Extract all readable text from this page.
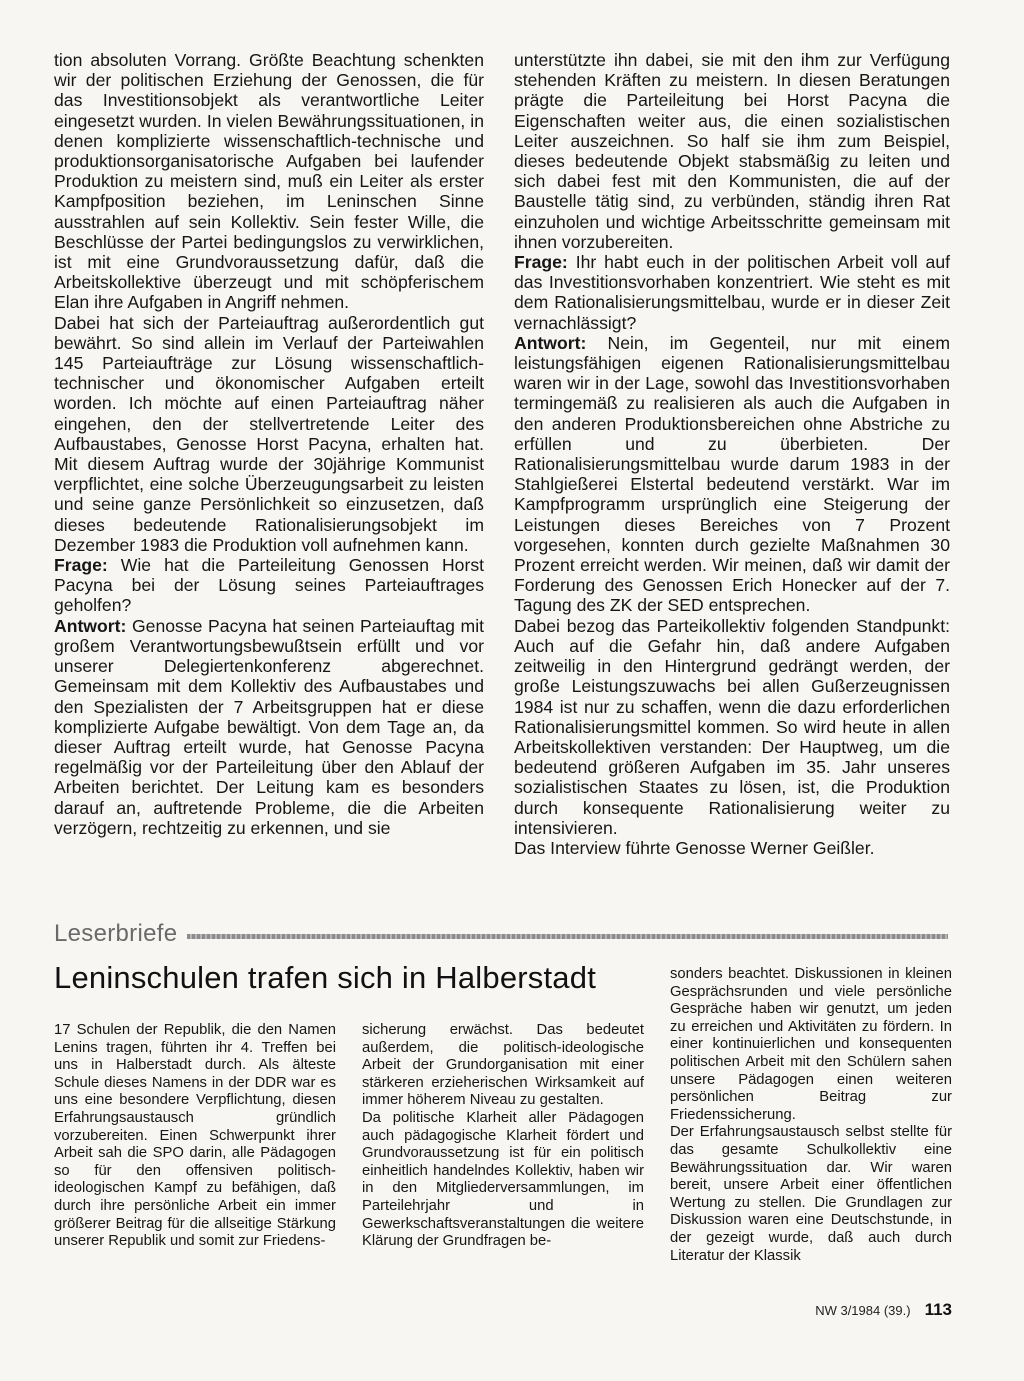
tion absoluten Vorrang. Größte Beachtung schenkten wir der politischen Erziehung der Genossen, die für das Investitionsobjekt als verantwortliche Leiter eingesetzt wurden. In vielen Bewährungssituationen, in denen komplizierte wissenschaftlich-technische und produktionsorganisatorische Aufgaben bei laufender Produktion zu meistern sind, muß ein Leiter als erster Kampfposition beziehen, im Leninschen Sinne ausstrahlen auf sein Kollektiv. Sein fester Wille, die Beschlüsse der Partei bedingungslos zu verwirklichen, ist mit eine Grundvoraussetzung dafür, daß die Arbeitskollektive überzeugt und mit schöpferischem Elan ihre Aufgaben in Angriff nehmen.

Dabei hat sich der Parteiauftrag außerordentlich gut bewährt. So sind allein im Verlauf der Parteiwahlen 145 Parteiaufträge zur Lösung wissenschaftlich-technischer und ökonomischer Aufgaben erteilt worden. Ich möchte auf einen Parteiauftrag näher eingehen, den der stellvertretende Leiter des Aufbaustabes, Genosse Horst Pacyna, erhalten hat. Mit diesem Auftrag wurde der 30jährige Kommunist verpflichtet, eine solche Überzeugungsarbeit zu leisten und seine ganze Persönlichkeit so einzusetzen, daß dieses bedeutende Rationalisierungsobjekt im Dezember 1983 die Produktion voll aufnehmen kann.

Frage: Wie hat die Parteileitung Genossen Horst Pacyna bei der Lösung seines Parteiauftrages geholfen?

Antwort: Genosse Pacyna hat seinen Parteiauftag mit großem Verantwortungsbewußtsein erfüllt und vor unserer Delegiertenkonferenz abgerechnet. Gemeinsam mit dem Kollektiv des Aufbaustabes und den Spezialisten der 7 Arbeitsgruppen hat er diese komplizierte Aufgabe bewältigt. Von dem Tage an, da dieser Auftrag erteilt wurde, hat Genosse Pacyna regelmäßig vor der Parteileitung über den Ablauf der Arbeiten berichtet. Der Leitung kam es besonders darauf an, auftretende Probleme, die die Arbeiten verzögern, rechtzeitig zu erkennen, und sie

unterstützte ihn dabei, sie mit den ihm zur Verfügung stehenden Kräften zu meistern. In diesen Beratungen prägte die Parteileitung bei Horst Pacyna die Eigenschaften weiter aus, die einen sozialistischen Leiter auszeichnen. So half sie ihm zum Beispiel, dieses bedeutende Objekt stabsmäßig zu leiten und sich dabei fest mit den Kommunisten, die auf der Baustelle tätig sind, zu verbünden, ständig ihren Rat einzuholen und wichtige Arbeitsschritte gemeinsam mit ihnen vorzubereiten.

Frage: Ihr habt euch in der politischen Arbeit voll auf das Investitionsvorhaben konzentriert. Wie steht es mit dem Rationalisierungsmittelbau, wurde er in dieser Zeit vernachlässigt?

Antwort: Nein, im Gegenteil, nur mit einem leistungsfähigen eigenen Rationalisierungsmittelbau waren wir in der Lage, sowohl das Investitionsvorhaben termingemäß zu realisieren als auch die Aufgaben in den anderen Produktionsbereichen ohne Abstriche zu erfüllen und zu überbieten. Der Rationalisierungsmittelbau wurde darum 1983 in der Stahlgießerei Elstertal bedeutend verstärkt. War im Kampfprogramm ursprünglich eine Steigerung der Leistungen dieses Bereiches von 7 Prozent vorgesehen, konnten durch gezielte Maßnahmen 30 Prozent erreicht werden. Wir meinen, daß wir damit der Forderung des Genossen Erich Honecker auf der 7. Tagung des ZK der SED entsprechen.

Dabei bezog das Parteikollektiv folgenden Standpunkt: Auch auf die Gefahr hin, daß andere Aufgaben zeitweilig in den Hintergrund gedrängt werden, der große Leistungszuwachs bei allen Gußerzeugnissen 1984 ist nur zu schaffen, wenn die dazu erforderlichen Rationalisierungsmittel kommen. So wird heute in allen Arbeitskollektiven verstanden: Der Hauptweg, um die bedeutend größeren Aufgaben im 35. Jahr unseres sozialistischen Staates zu lösen, ist, die Produktion durch konsequente Rationalisierung weiter zu intensivieren.

Das Interview führte Genosse Werner Geißler.

Leserbriefe
Leninschulen trafen sich in Halberstadt

17 Schulen der Republik, die den Namen Lenins tragen, führten ihr 4. Treffen bei uns in Halberstadt durch. Als älteste Schule dieses Namens in der DDR war es uns eine besondere Verpflichtung, diesen Erfahrungsaustausch gründlich vorzubereiten. Einen Schwerpunkt ihrer Arbeit sah die SPO darin, alle Pädagogen so für den offensiven politisch-ideologischen Kampf zu befähigen, daß durch ihre persönliche Arbeit ein immer größerer Beitrag für die allseitige Stärkung unserer Republik und somit zur Friedens-

sicherung erwächst. Das bedeutet außerdem, die politisch-ideologische Arbeit der Grundorganisation mit einer stärkeren erzieherischen Wirksamkeit auf immer höherem Niveau zu gestalten.

Da politische Klarheit aller Pädagogen auch pädagogische Klarheit fördert und Grundvoraussetzung ist für ein politisch einheitlich handelndes Kollektiv, haben wir in den Mitgliederversammlungen, im Parteilehrjahr und in Gewerkschaftsveranstaltungen die weitere Klärung der Grundfragen be-

sonders beachtet. Diskussionen in kleinen Gesprächsrunden und viele persönliche Gespräche haben wir genutzt, um jeden zu erreichen und Aktivitäten zu fördern. In einer kontinuierlichen und konsequenten politischen Arbeit mit den Schülern sahen unsere Pädagogen einen weiteren persönlichen Beitrag zur Friedenssicherung.

Der Erfahrungsaustausch selbst stellte für das gesamte Schulkollektiv eine Bewährungssituation dar. Wir waren bereit, unsere Arbeit einer öffentlichen Wertung zu stellen. Die Grundlagen zur Diskussion waren eine Deutschstunde, in der gezeigt wurde, daß auch durch Literatur der Klassik

NW 3/1984 (39.) 113
